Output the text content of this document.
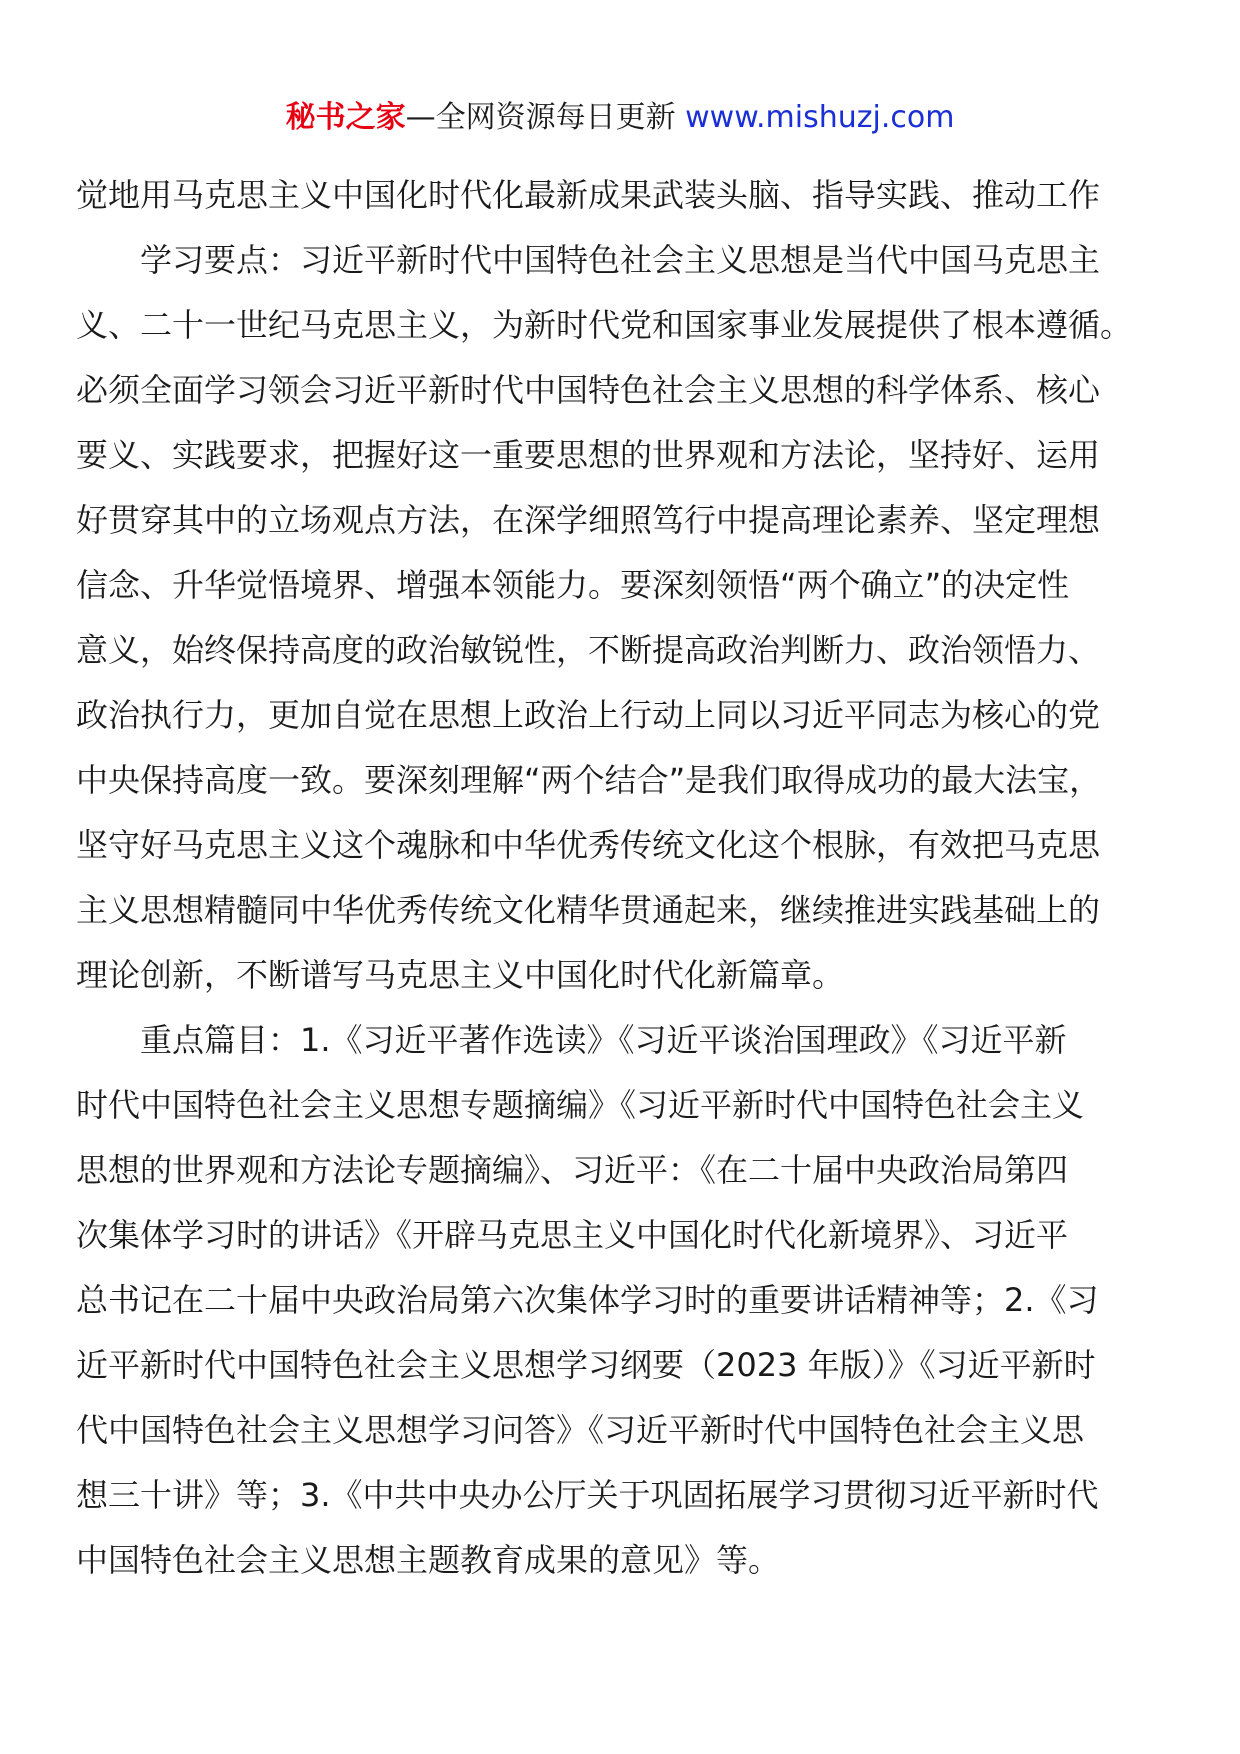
秘书之家—全网资源每日更新 www.mishuzj.com
觉地用马克思主义中国化时代化最新成果武装头脑、指导实践、推动工作
学习要点：习近平新时代中国特色社会主义思想是当代中国马克思主
义、二十一世纪马克思主义，为新时代党和国家事业发展提供了根本遵循。
必须全面学习领会习近平新时代中国特色社会主义思想的科学体系、核心
要义、实践要求，把握好这一重要思想的世界观和方法论，坚持好、运用
好贯穿其中的立场观点方法，在深学细照笃行中提高理论素养、坚定理想
信念、升华觉悟境界、增强本领能力。要深刻领悟“两个确立”的决定性
意义，始终保持高度的政治敏锐性，不断提高政治判断力、政治领悟力、
政治执行力，更加自觉在思想上政治上行动上同以习近平同志为核心的党
中央保持高度一致。要深刻理解“两个结合”是我们取得成功的最大法宝，
坚守好马克思主义这个魂脉和中华优秀传统文化这个根脉，有效把马克思
主义思想精髓同中华优秀传统文化精华贯通起来，继续推进实践基础上的
理论创新，不断谱写马克思主义中国化时代化新篇章。
重点篇目：1.《习近平著作选读》《习近平谈治国理政》《习近平新
时代中国特色社会主义思想专题摘编》《习近平新时代中国特色社会主义
思想的世界观和方法论专题摘编》、习近平：《在二十届中央政治局第四
次集体学习时的讲话》《开辟马克思主义中国化时代化新境界》、习近平
总书记在二十届中央政治局第六次集体学习时的重要讲话精神等；2.《习
近平新时代中国特色社会主义思想学习纲要（2023 年版）》《习近平新时
代中国特色社会主义思想学习问答》《习近平新时代中国特色社会主义思
想三十讲》等；3.《中共中央办公厅关于巩固拓展学习贯彻习近平新时代
中国特色社会主义思想主题教育成果的意见》等。
